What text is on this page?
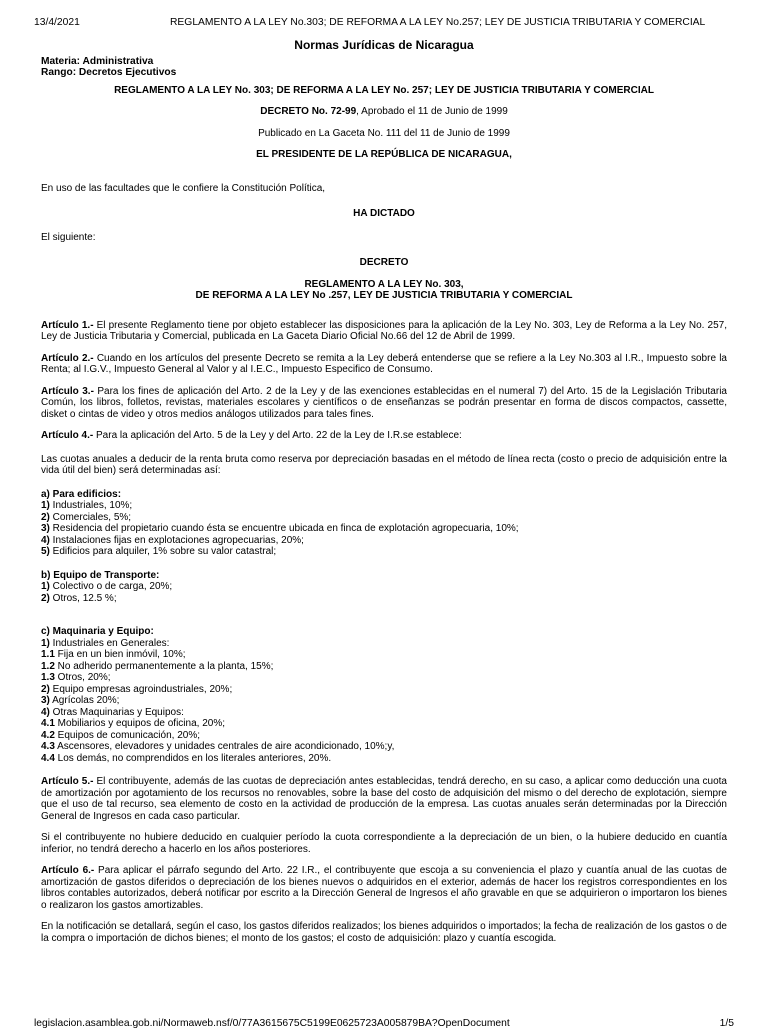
13/4/2021	REGLAMENTO A LA LEY No.303; DE REFORMA A LA LEY No.257; LEY DE JUSTICIA TRIBUTARIA Y COMERCIAL
Normas Jurídicas de Nicaragua
Materia: Administrativa
Rango: Decretos Ejecutivos
REGLAMENTO A LA LEY No. 303; DE REFORMA A LA LEY No. 257; LEY DE JUSTICIA TRIBUTARIA Y COMERCIAL
DECRETO No. 72-99, Aprobado el 11 de Junio de 1999
Publicado en La Gaceta No. 111 del 11 de Junio de 1999
EL PRESIDENTE DE LA REPÚBLICA DE NICARAGUA,

En uso de las facultades que le confiere la Constitución Política,

HA DICTADO

El siguiente:

DECRETO
REGLAMENTO A LA LEY No. 303,
DE REFORMA A LA LEY No .257, LEY DE JUSTICIA TRIBUTARIA Y COMERCIAL

Artículo 1.- El presente Reglamento tiene por objeto establecer las disposiciones para la aplicación de la Ley No. 303, Ley de Reforma a la Ley No. 257, Ley de Justicia Tributaria y Comercial, publicada en La Gaceta Diario Oficial No.66 del 12 de Abril de 1999.

Artículo 2.- Cuando en los artículos del presente Decreto se remita a la Ley deberá entenderse que se refiere a la Ley No.303 al I.R., Impuesto sobre la Renta; al I.G.V., Impuesto General al Valor y al I.E.C., Impuesto Especifico de Consumo.

Artículo 3.- Para los fines de aplicación del Arto. 2 de la Ley y de las exenciones establecidas en el numeral 7) del Arto. 15 de la Legislación Tributaria Común, los libros, folletos, revistas, materiales escolares y científicos o de enseñanzas se podrán presentar en forma de discos compactos, cassette, disket o cintas de video y otros medios análogos utilizados para tales fines.

Artículo 4.- Para la aplicación del Arto. 5 de la Ley y del Arto. 22 de la Ley de I.R.se establece:

Las cuotas anuales a deducir de la renta bruta como reserva por depreciación basadas en el método de línea recta (costo o precio de adquisición entre la vida útil del bien) será determinadas así:

a) Para edificios:
1) Industriales, 10%;
2) Comerciales, 5%;
3) Residencia del propietario cuando ésta se encuentre ubicada en finca de explotación agropecuaria, 10%;
4) Instalaciones fijas en explotaciones agropecuarias, 20%;
5) Edificios para alquiler, 1% sobre su valor catastral;
b) Equipo de Transporte:
1) Colectivo o de carga, 20%;
2) Otros, 12.5 %;
c) Maquinaria y Equipo:
1) Industriales en Generales:
1.1 Fija en un bien inmóvil, 10%;
1.2 No adherido permanentemente a la planta, 15%;
1.3 Otros, 20%;
2) Equipo empresas agroindustriales, 20%;
3) Agrícolas 20%;
4) Otras Maquinarias y Equipos:
4.1 Mobiliarios y equipos de oficina, 20%;
4.2 Equipos de comunicación, 20%;
4.3 Ascensores, elevadores y unidades centrales de aire acondicionado, 10%;y,
4.4 Los demás, no comprendidos en los literales anteriores, 20%.

Artículo 5.- El contribuyente, además de las cuotas de depreciación antes establecidas, tendrá derecho, en su caso, a aplicar como deducción una cuota de amortización por agotamiento de los recursos no renovables, sobre la base del costo de adquisición del mismo o del derecho de explotación, siempre que el uso de tal recurso, sea elemento de costo en la actividad de producción de la empresa. Las cuotas anuales serán determinadas por la Dirección General de Ingresos en cada caso particular.

Si el contribuyente no hubiere deducido en cualquier período la cuota correspondiente a la depreciación de un bien, o la hubiere deducido en cuantía inferior, no tendrá derecho a hacerlo en los años posteriores.

Artículo 6.- Para aplicar el párrafo segundo del Arto. 22 I.R., el contribuyente que escoja a su conveniencia el plazo y cuantía anual de las cuotas de amortización de gastos diferidos o depreciación de los bienes nuevos o adquiridos en el exterior, además de hacer los registros correspondientes en los libros contables autorizados, deberá notificar por escrito a la Dirección General de Ingresos el año gravable en que se adquirieron o importaron los bienes o realizaron los gastos amortizables.

En la notificación se detallará, según el caso, los gastos diferidos realizados; los bienes adquiridos o importados; la fecha de realización de los gastos o de la compra o importación de dichos bienes; el monto de los gastos; el costo de adquisición: plazo y cuantía escogida.

legislacion.asamblea.gob.ni/Normaweb.nsf/0/77A3615675C5199E0625723A005879BA?OpenDocument	1/5
